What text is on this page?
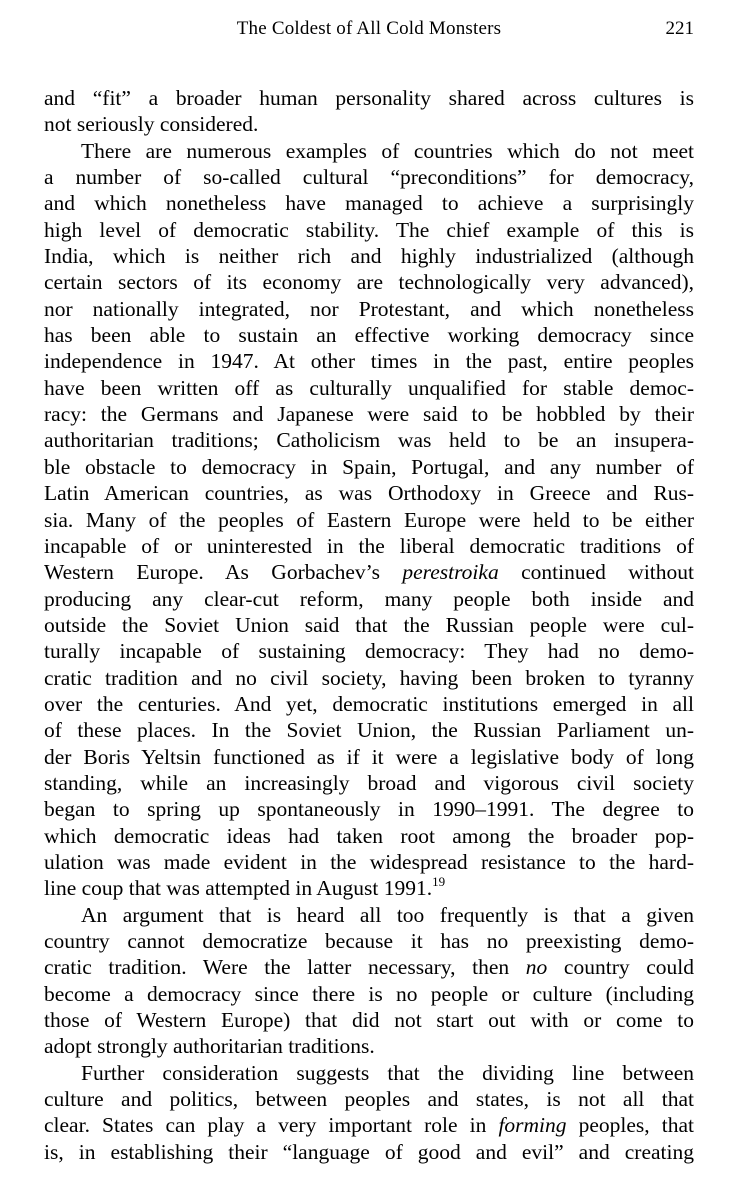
The Coldest of All Cold Monsters	221

and “fit” a broader human personality shared across cultures is
not seriously considered.

There are numerous examples of countries which do not meet
a number of so-called cultural “preconditions” for democracy,
and which nonetheless have managed to achieve a surprisingly
high level of democratic stability. The chief example of this is
India, which is neither rich and highly industrialized (although
certain sectors of its economy are technologically very advanced),
nor nationally integrated, nor Protestant, and which nonetheless
has been able to sustain an effective working democracy since
independence in 1947. At other times in the past, entire peoples
have been written off as culturally unqualified for stable democ-
racy: the Germans and Japanese were said to be hobbled by their
authoritarian traditions; Catholicism was held to be an insupera-
ble obstacle to democracy in Spain, Portugal, and any number of
Latin American countries, as was Orthodoxy in Greece and Rus-
sia. Many of the peoples of Eastern Europe were held to be either
incapable of or uninterested in the liberal democratic traditions of
Western Europe. As Gorbachev’s perestroika continued without
producing any clear-cut reform, many people both inside and
outside the Soviet Union said that the Russian people were cul-
turally incapable of sustaining democracy: They had no demo-
cratic tradition and no civil society, having been broken to tyranny
over the centuries. And yet, democratic institutions emerged in all
of these places. In the Soviet Union, the Russian Parliament un-
der Boris Yeltsin functioned as if it were a legislative body of long
standing, while an increasingly broad and vigorous civil society
began to spring up spontaneously in 1990–1991. The degree to
which democratic ideas had taken root among the broader pop-
ulation was made evident in the widespread resistance to the hard-
line coup that was attempted in August 1991.19

An argument that is heard all too frequently is that a given
country cannot democratize because it has no preexisting demo-
cratic tradition. Were the latter necessary, then no country could
become a democracy since there is no people or culture (including
those of Western Europe) that did not start out with or come to
adopt strongly authoritarian traditions.

Further consideration suggests that the dividing line between
culture and politics, between peoples and states, is not all that
clear. States can play a very important role in forming peoples, that
is, in establishing their “language of good and evil” and creating
